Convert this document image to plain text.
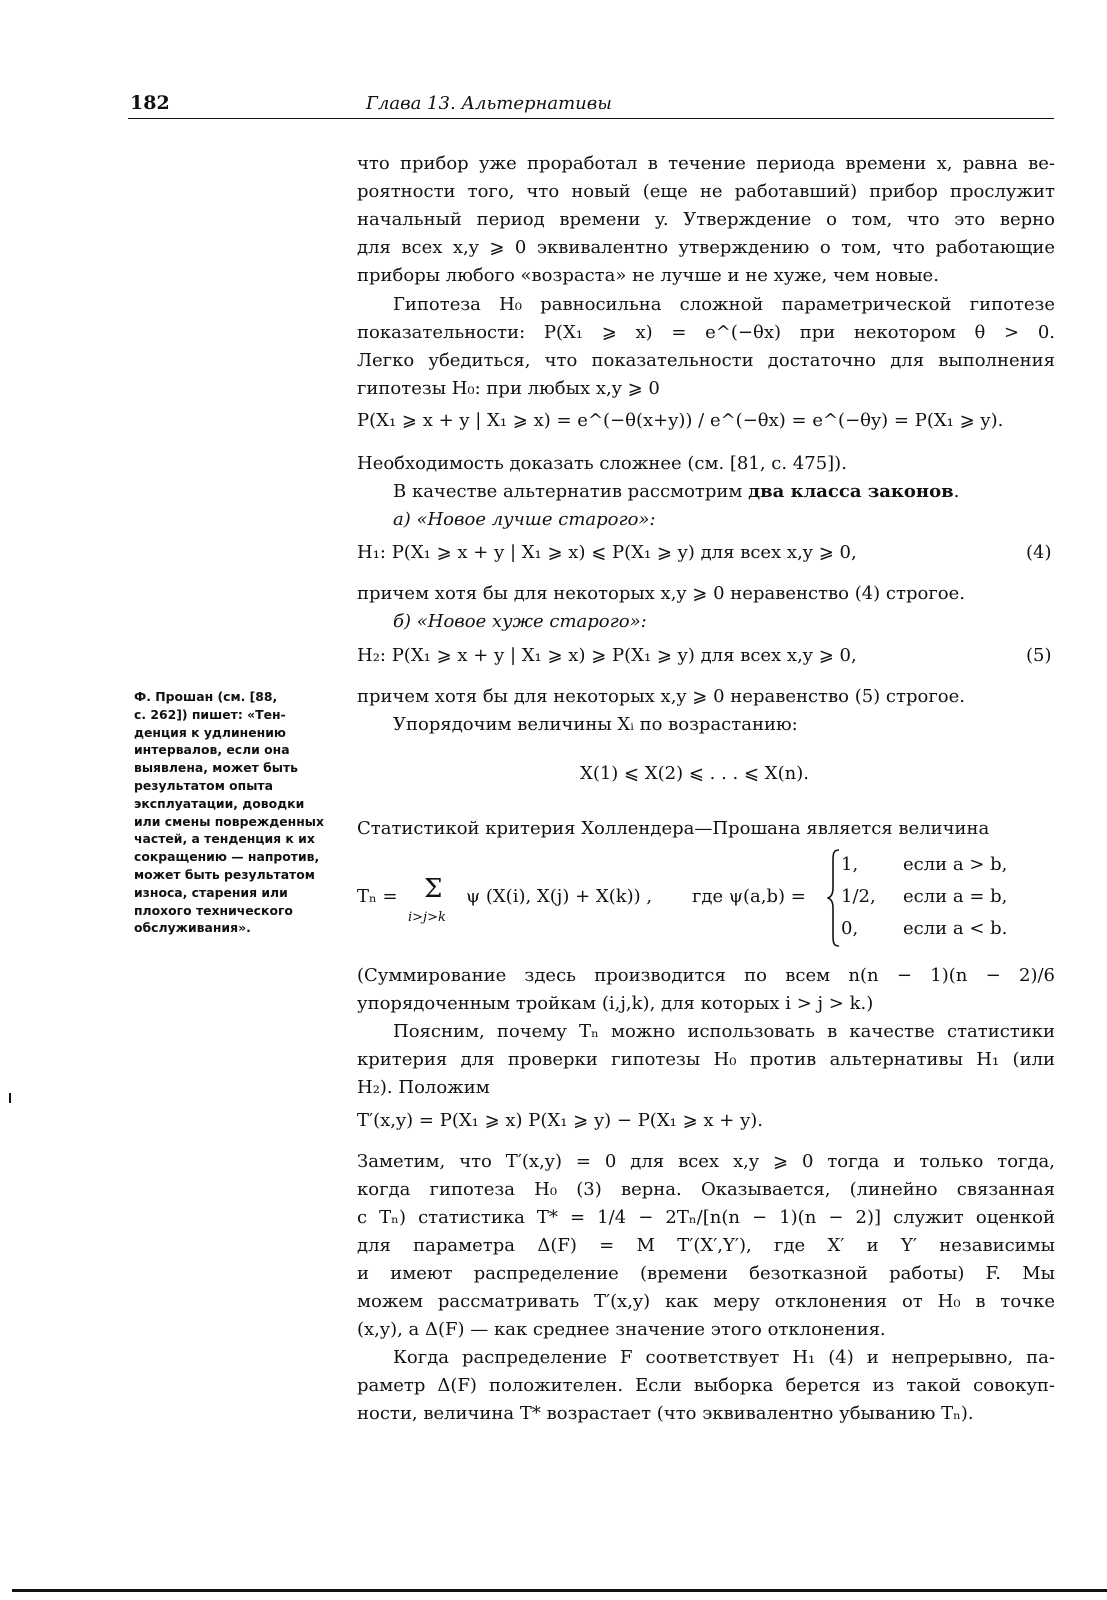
182	Глава 13. Альтернативы
Ф. Прошан (см. [88,
с. 262]) пишет: «Тен-
денция к удлинению
интервалов, если она
выявлена, может быть
результатом опыта
эксплуатации, доводки
или смены поврежденных
частей, а тенденция к их
сокращению — напротив,
может быть результатом
износа, старения или
плохого технического
обслуживания».
что прибор уже проработал в течение периода времени x, равна ве-
роятности того, что новый (еще не работавший) прибор прослужит
начальный период времени y. Утверждение о том, что это верно
для всех x,y ⩾ 0 эквивалентно утверждению о том, что работающие
приборы любого «возраста» не лучше и не хуже, чем новые.
Гипотеза H₀ равносильна сложной параметрической гипотезе
показательности: P(X₁ ⩾ x) = e^(−θx) при некотором θ > 0.
Легко убедиться, что показательности достаточно для выполнения
гипотезы H₀: при любых x,y ⩾ 0
P(X₁ ⩾ x + y | X₁ ⩾ x) = e^(−θ(x+y)) / e^(−θx) = e^(−θy) = P(X₁ ⩾ y).
Необходимость доказать сложнее (см. [81, с. 475]).
В качестве альтернатив рассмотрим два класса законов.
а) «Новое лучше старого»:
H₁: P(X₁ ⩾ x + y | X₁ ⩾ x) ⩽ P(X₁ ⩾ y) для всех x,y ⩾ 0,	(4)
причем хотя бы для некоторых x,y ⩾ 0 неравенство (4) строгое.
б) «Новое хуже старого»:
H₂: P(X₁ ⩾ x + y | X₁ ⩾ x) ⩾ P(X₁ ⩾ y) для всех x,y ⩾ 0,	(5)
причем хотя бы для некоторых x,y ⩾ 0 неравенство (5) строгое.
Упорядочим величины Xᵢ по возрастанию:
X(1) ⩽ X(2) ⩽ . . . ⩽ X(n).
Статистикой критерия Холлендера—Прошана является величина
Tₙ = Σ
i>j>k
ψ (X(i), X(j) + X(k)) , где ψ(a,b) =
1, если a > b,
1/2, если a = b,
0, если a < b.
(Суммирование здесь производится по всем n(n − 1)(n − 2)/6
упорядоченным тройкам (i,j,k), для которых i > j > k.)
Поясним, почему Tₙ можно использовать в качестве статистики
критерия для проверки гипотезы H₀ против альтернативы H₁ (или
H₂). Положим
T′(x,y) = P(X₁ ⩾ x) P(X₁ ⩾ y) − P(X₁ ⩾ x + y).
Заметим, что T′(x,y) = 0 для всех x,y ⩾ 0 тогда и только тогда,
когда гипотеза H₀ (3) верна. Оказывается, (линейно связанная
с Tₙ) статистика T* = 1/4 − 2Tₙ/[n(n − 1)(n − 2)] служит оценкой
для параметра Δ(F) = M T′(X′,Y′), где X′ и Y′ независимы
и имеют распределение (времени безотказной работы) F. Мы
можем рассматривать T′(x,y) как меру отклонения от H₀ в точке
(x,y), а Δ(F) — как среднее значение этого отклонения.
Когда распределение F соответствует H₁ (4) и непрерывно, па-
раметр Δ(F) положителен. Если выборка берется из такой совокуп-
ности, величина T* возрастает (что эквивалентно убыванию Tₙ).
